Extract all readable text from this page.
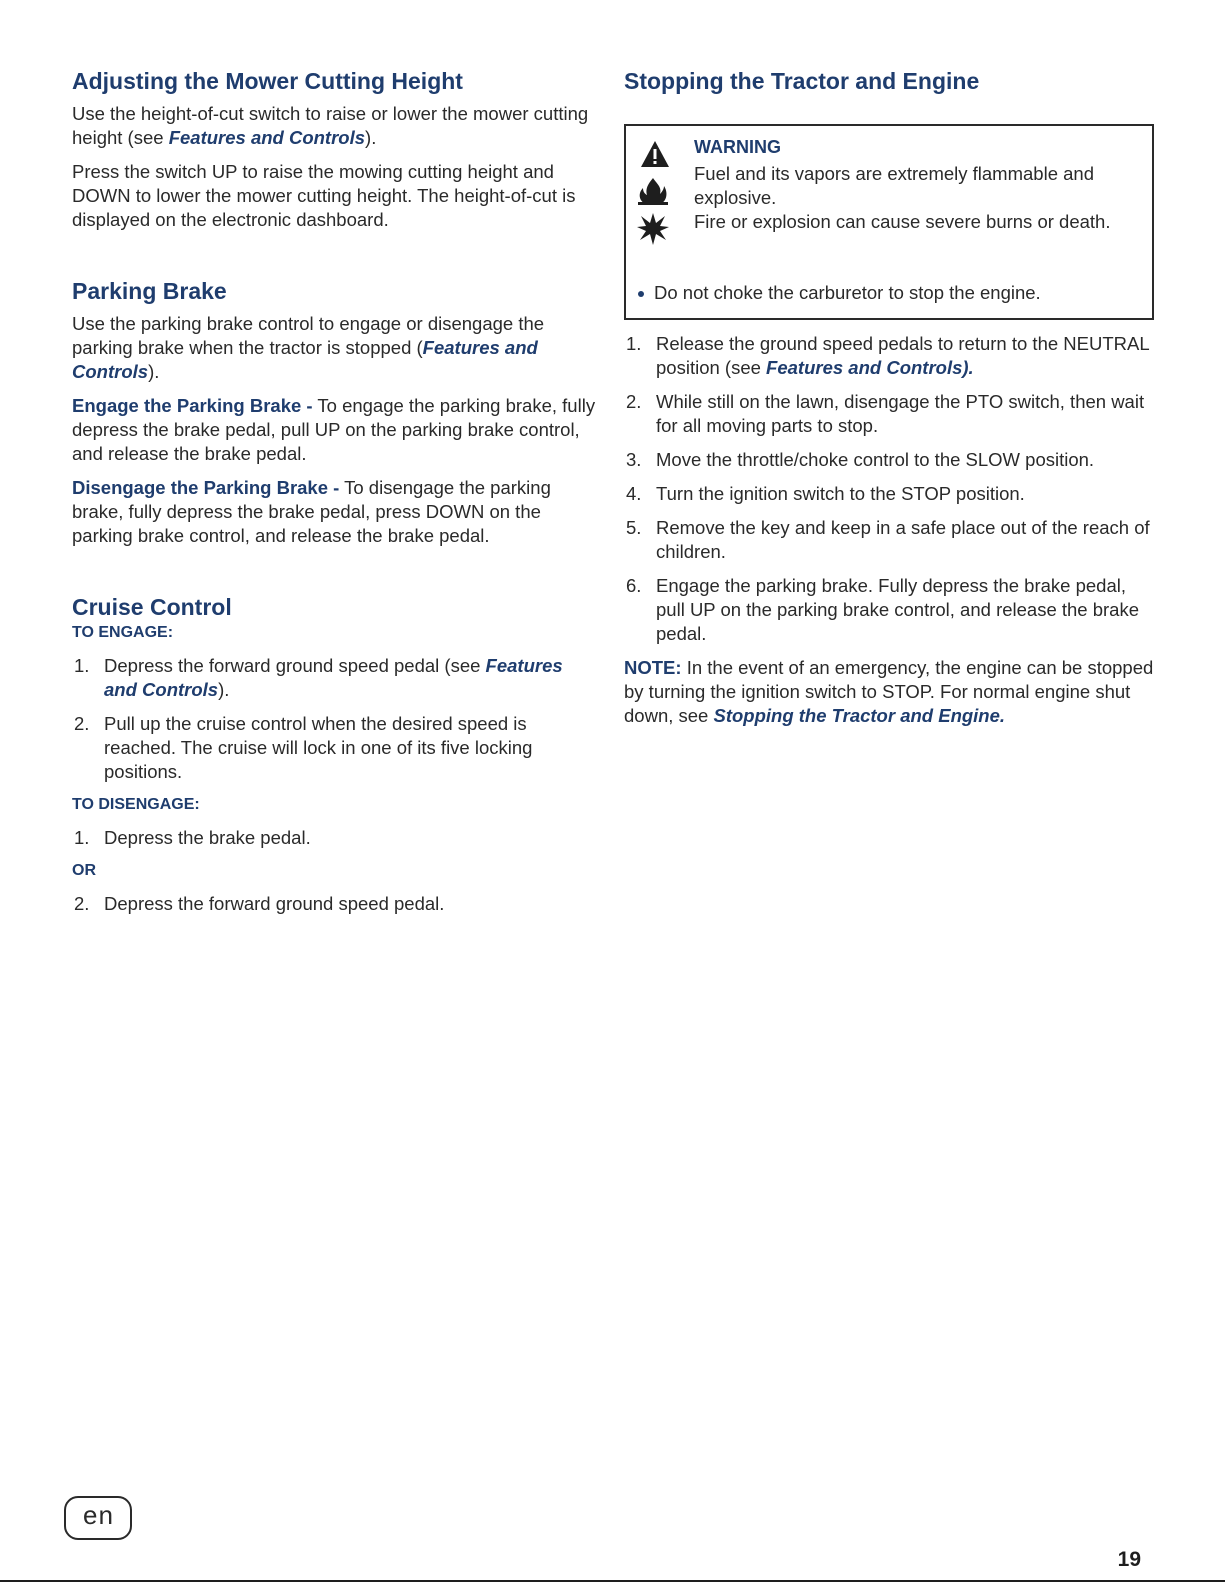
Adjusting the Mower Cutting Height

Use the height-of-cut switch to raise or lower the mower cutting height (see Features and Controls).

Press the switch UP to raise the mowing cutting height and DOWN to lower the mower cutting height. The height-of-cut is displayed on the electronic dashboard.

Parking Brake

Use the parking brake control to engage or disengage the parking brake when the tractor is stopped (Features and Controls).

Engage the Parking Brake - To engage the parking brake, fully depress the brake pedal, pull UP on the parking brake control, and release the brake pedal.

Disengage the Parking Brake - To disengage the parking brake, fully depress the brake pedal, press DOWN on the parking brake control, and release the brake pedal.

Cruise Control
TO ENGAGE:
1. Depress the forward ground speed pedal (see Features and Controls).
2. Pull up the cruise control when the desired speed is reached. The cruise will lock in one of its five locking positions.
TO DISENGAGE:
1. Depress the brake pedal.
OR
2. Depress the forward ground speed pedal.
Stopping the Tractor and Engine
WARNING

Fuel and its vapors are extremely flammable and explosive.

Fire or explosion can cause severe burns or death.

Do not choke the carburetor to stop the engine.
1. Release the ground speed pedals to return to the NEUTRAL position (see Features and Controls).
2. While still on the lawn, disengage the PTO switch, then wait for all moving parts to stop.
3. Move the throttle/choke control to the SLOW position.
4. Turn the ignition switch to the STOP position.
5. Remove the key and keep in a safe place out of the reach of children.
6. Engage the parking brake. Fully depress the brake pedal, pull UP on the parking brake control, and release the brake pedal.

NOTE: In the event of an emergency, the engine can be stopped by turning the ignition switch to STOP. For normal engine shut down, see Stopping the Tractor and Engine.

en
19
